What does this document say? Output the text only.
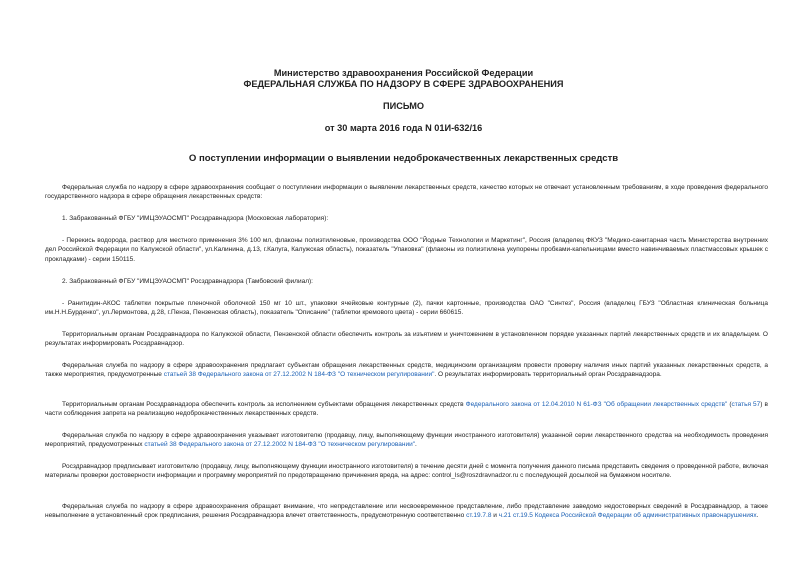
Министерство здравоохранения Российской Федерации
ФЕДЕРАЛЬНАЯ СЛУЖБА ПО НАДЗОРУ В СФЕРЕ ЗДРАВООХРАНЕНИЯ
ПИСЬМО
от 30 марта 2016 года N 01И-632/16
О поступлении информации о выявлении недоброкачественных лекарственных средств

Федеральная служба по надзору в сфере здравоохранения сообщает о поступлении информации о выявлении лекарственных средств, качество которых не отвечает установленным требованиям, в ходе проведения федерального государственного надзора в сфере обращения лекарственных средств:

1. Забракованный ФГБУ "ИМЦЭУАОСМП" Росздравнадзора (Московская лаборатория):

- Перекись водорода, раствор для местного применения 3% 100 мл, флаконы полиэтиленовые, производства ООО "Йодные Технологии и Маркетинг", Россия (владелец ФКУЗ "Медико-санитарная часть Министерства внутренних дел Российской Федерации по Калужской области", ул.Калинина, д.13, г.Калуга, Калужская область), показатель "Упаковка" (флаконы из полиэтилена укупорены пробками-капельницами вместо навинчиваемых пластмассовых крышек с прокладками) - серии 150115.

2. Забракованный ФГБУ "ИМЦЭУАОСМП" Росздравнадзора (Тамбовский филиал):

- Ранитидин-АКОС таблетки покрытые пленочной оболочкой 150 мг 10 шт., упаковки ячейковые контурные (2), пачки картонные, производства ОАО "Синтез", Россия (владелец ГБУЗ "Областная клиническая больница им.Н.Н.Бурденко", ул.Лермонтова, д.28, г.Пенза, Пензенская область), показатель "Описание" (таблетки кремового цвета) - серии 660615.

Территориальным органам Росздравнадзора по Калужской области, Пензенской области обеспечить контроль за изъятием и уничтожением в установленном порядке указанных партий лекарственных средств и их владельцем. О результатах информировать Росздравнадзор.

Федеральная служба по надзору в сфере здравоохранения предлагает субъектам обращения лекарственных средств, медицинским организациям провести проверку наличия иных партий указанных лекарственных средств, а также мероприятия, предусмотренные статьей 38 Федерального закона от 27.12.2002 N 184-ФЗ "О техническом регулировании". О результатах информировать территориальный орган Росздравнадзора.

Территориальным органам Росздравнадзора обеспечить контроль за исполнением субъектами обращения лекарственных средств Федерального закона от 12.04.2010 N 61-ФЗ "Об обращении лекарственных средств" (статья 57) в части соблюдения запрета на реализацию недоброкачественных лекарственных средств.

Федеральная служба по надзору в сфере здравоохранения указывает изготовителю (продавцу, лицу, выполняющему функции иностранного изготовителя) указанной серии лекарственного средства на необходимость проведения мероприятий, предусмотренных статьей 38 Федерального закона от 27.12.2002 N 184-ФЗ "О техническом регулировании".

Росздравнадзор предписывает изготовителю (продавцу, лицу, выполняющему функции иностранного изготовителя) в течение десяти дней с момента получения данного письма представить сведения о проведенной работе, включая материалы проверки достоверности информации и программу мероприятий по предотвращению причинения вреда, на адрес: control_ls@roszdravnadzor.ru с последующей досылкой на бумажном носителе.

Федеральная служба по надзору в сфере здравоохранения обращает внимание, что непредставление или несвоевременное представление, либо представление заведомо недостоверных сведений в Росздравнадзор, а также невыполнение в установленный срок предписания, решения Росздравнадзора влечет ответственность, предусмотренную соответственно ст.19.7.8 и ч.21 ст.19.5 Кодекса Российской Федерации об административных правонарушениях.
